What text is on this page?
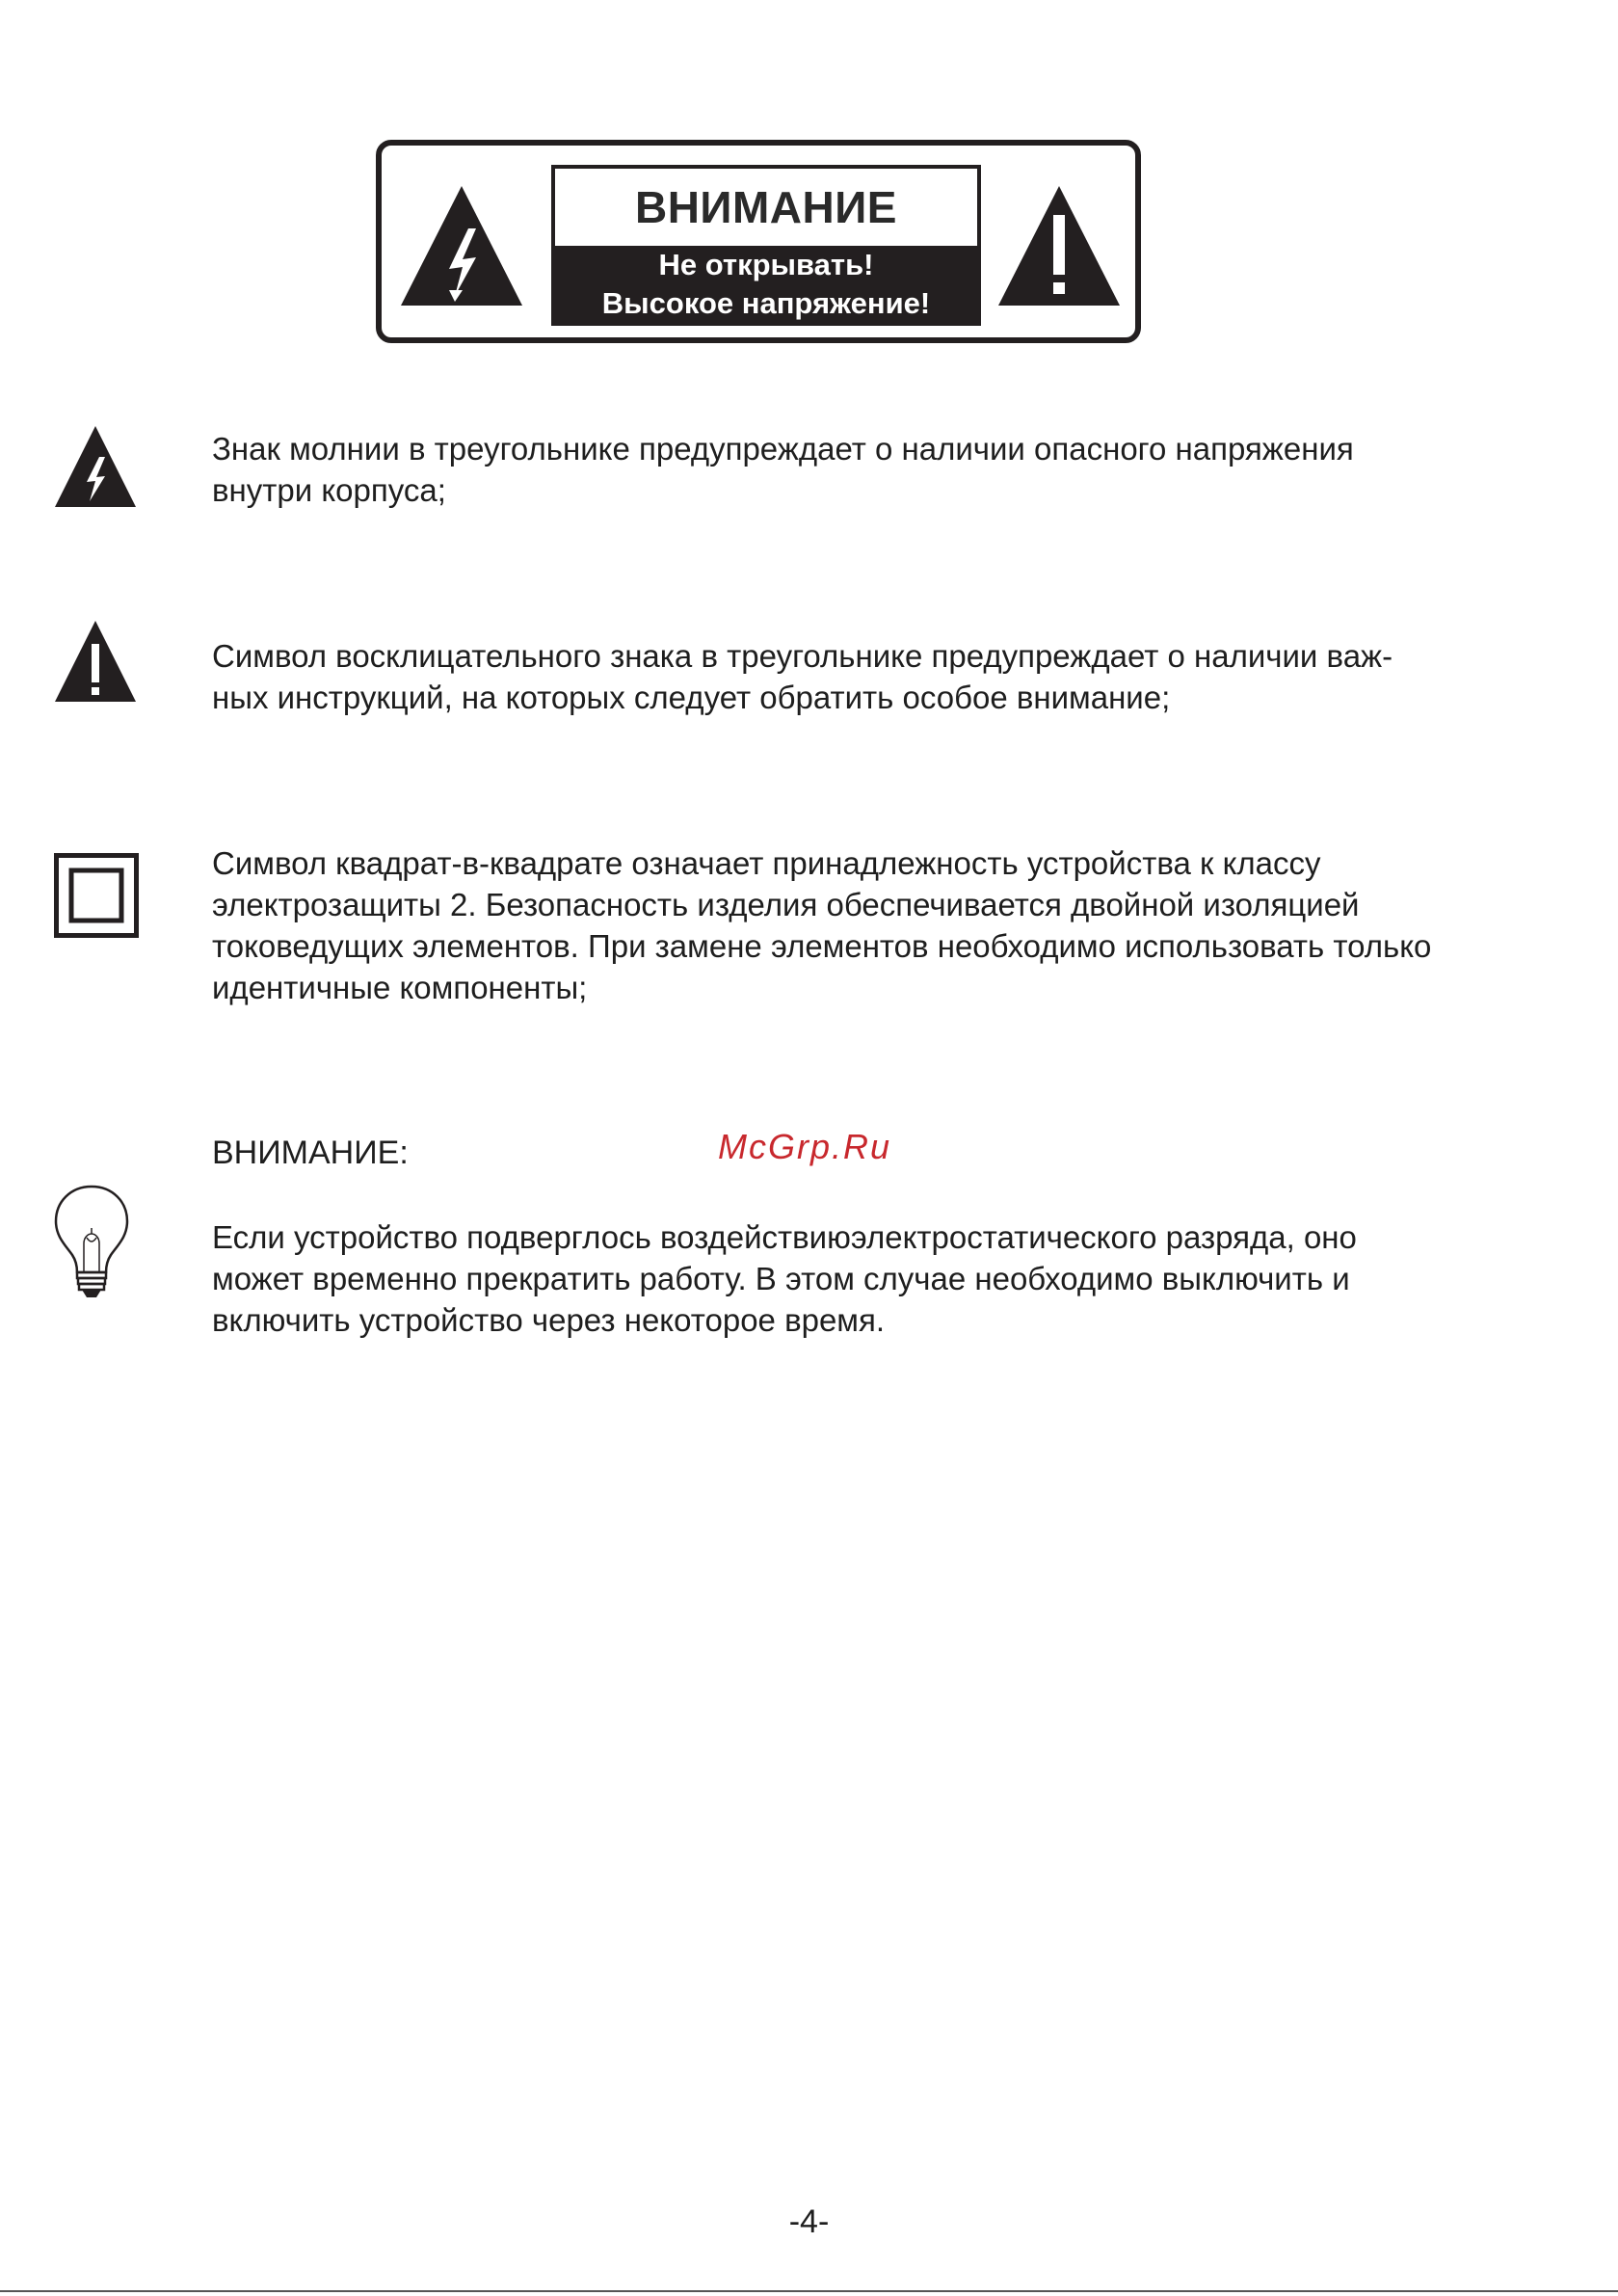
ВНИМАНИЕ
Не открывать!
Высокое напряжение!
Знак молнии в треугольнике предупреждает о наличии опасного напряжения
внутри корпуса;
Символ восклицательного знака в треугольнике предупреждает о наличии важ-
ных инструкций, на которых следует обратить особое внимание;
Символ квадрат-в-квадрате означает принадлежность устройства к классу
электрозащиты 2. Безопасность изделия обеспечивается двойной изоляцией
токоведущих элементов. При замене элементов необходимо использовать только
идентичные компоненты;
ВНИМАНИЕ:	McGrp.Ru
Если устройство подверглось воздействиюэлектростатического разряда, оно
может временно прекратить работу. В этом случае необходимо выключить и
включить устройство через некоторое время.
-4-
